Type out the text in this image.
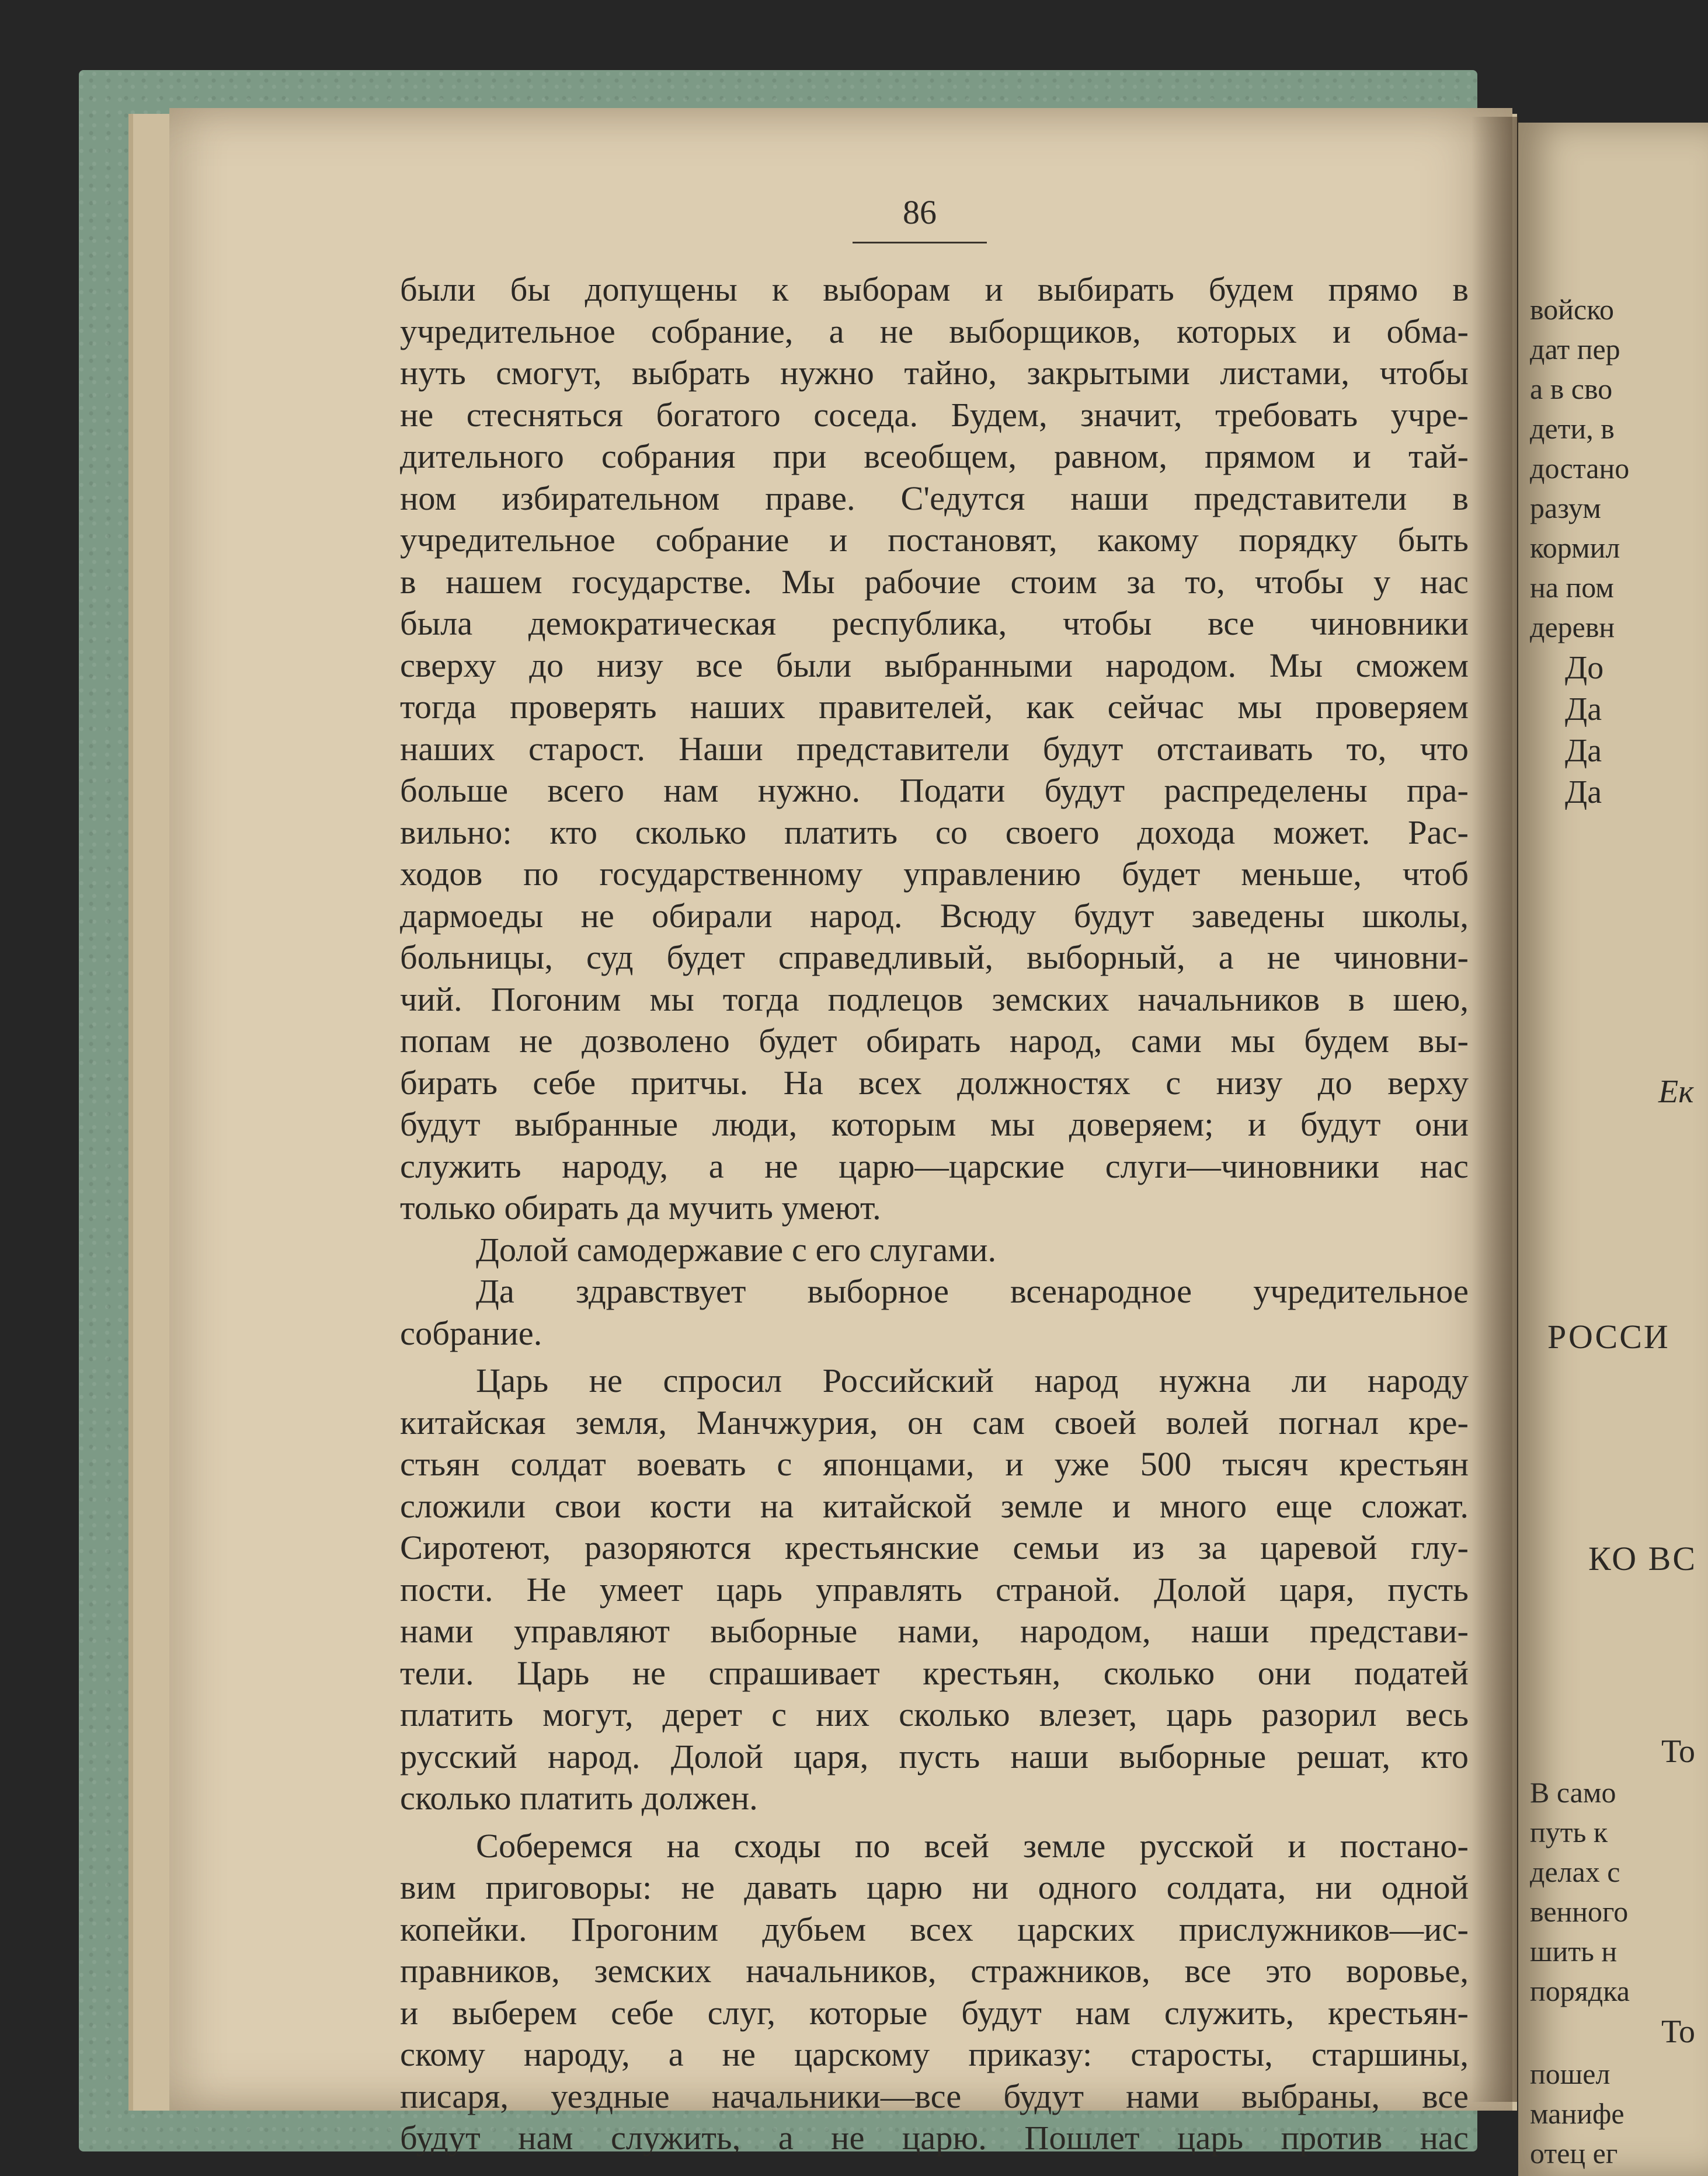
войско
дат пер
а в сво
дети, в
достано
разум
кормил
на пом
деревн
До
Да
Да
Да
Ек
РОССИ
КО ВС
То
В само
путь к
делах с
венного
шить н
порядка
То
пошел
манифе
отец ег
86
были бы допущены к выборам и выбирать будем прямо в
учредительное собрание, а не выборщиков, которых и обма-
нуть смогут, выбрать нужно тайно, закрытыми листами, чтобы
не стесняться богатого соседа. Будем, значит, требовать учре-
дительного собрания при всеобщем, равном, прямом и тай-
ном избирательном праве. С'едутся наши представители в
учредительное собрание и постановят, какому порядку быть
в нашем государстве. Мы рабочие стоим за то, чтобы у нас
была демократическая республика, чтобы все чиновники
сверху до низу все были выбранными народом. Мы сможем
тогда проверять наших правителей, как сейчас мы проверяем
наших старост. Наши представители будут отстаивать то, что
больше всего нам нужно. Подати будут распределены пра-
вильно: кто сколько платить со своего дохода может. Рас-
ходов по государственному управлению будет меньше, чтоб
дармоеды не обирали народ. Всюду будут заведены школы,
больницы, суд будет справедливый, выборный, а не чиновни-
чий. Погоним мы тогда подлецов земских начальников в шею,
попам не дозволено будет обирать народ, сами мы будем вы-
бирать себе притчы. На всех должностях с низу до верху
будут выбранные люди, которым мы доверяем; и будут они
служить народу, а не царю—царские слуги—чиновники нас
только обирать да мучить умеют.
Долой самодержавие с его слугами.
Да здравствует выборное всенародное учредительное
собрание.
Царь не спросил Российский народ нужна ли народу
китайская земля, Манчжурия, он сам своей волей погнал кре-
стьян солдат воевать с японцами, и уже 500 тысяч крестьян
сложили свои кости на китайской земле и много еще сложат.
Сиротеют, разоряются крестьянские семьи из за царевой глу-
пости. Не умеет царь управлять страной. Долой царя, пусть
нами управляют выборные нами, народом, наши представи-
тели. Царь не спрашивает крестьян, сколько они податей
платить могут, дерет с них сколько влезет, царь разорил весь
русский народ. Долой царя, пусть наши выборные решат, кто
сколько платить должен.
Соберемся на сходы по всей земле русской и постано-
вим приговоры: не давать царю ни одного солдата, ни одной
копейки. Прогоним дубьем всех царских прислужников—ис-
правников, земских начальников, стражников, все это воровье,
и выберем себе слуг, которые будут нам служить, крестьян-
скому народу, а не царскому приказу: старосты, старшины,
писаря, уездные начальники—все будут нами выбраны, все
будут нам служить, а не царю. Пошлет царь против нас
